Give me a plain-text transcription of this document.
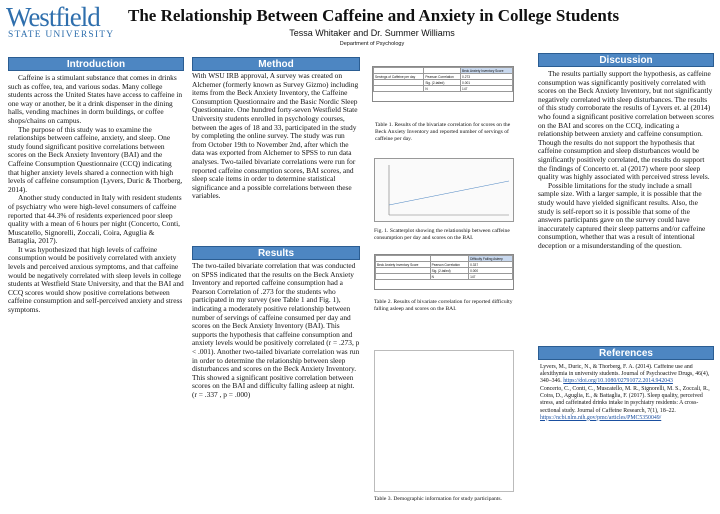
Westfield
STATE UNIVERSITY
The Relationship Between Caffeine and Anxiety in College Students
Tessa Whitaker and Dr. Summer Williams
Department of Psychology
Introduction

Caffeine is a stimulant substance that comes in drinks such as coffee, tea, and various sodas. Many college students across the United States have access to caffeine in one way or another, be it a drink dispenser in the dining halls, vending machines in dorm buildings, or coffee shops/chains on campus.

The purpose of this study was to examine the relationships between caffeine, anxiety, and sleep. One study found significant positive correlations between scores on the Beck Anxiety Inventory (BAI) and the Caffeine Consumption Questionnaire (CCQ) indicating that higher anxiety levels shared a connection with high levels of caffeine consumption (Lyvers, Duric & Thorberg, 2014).

Another study conducted in Italy with resident students of psychiatry who were high-level consumers of caffeine reported that 44.3% of residents experienced poor sleep quality with a mean of 6 hours per night (Concerto, Conti, Muscatello, Signorelli, Zoccali, Coira, Aguglia & Battaglia, 2017).

It was hypothesized that high levels of caffeine consumption would be positively correlated with anxiety levels and perceived anxious symptoms, and that caffeine would be negatively correlated with sleep levels in college students at Westfield State University, and that the BAI and CCQ scores would show positive correlations between caffeine consumption and self-perceived anxiety and stress symptoms.

Method

With WSU IRB approval, A survey was created on Alchemer (formerly known as Survey Gizmo) including items from the Beck Anxiety Inventory, the Caffeine Consumption Questionnaire and the Basic Nordic Sleep Questionnaire. One hundred forty-seven Westfield State University students enrolled in psychology courses, between the ages of 18 and 33, participated in the study by completing the online survey. The study was run from October 19th to November 2nd, after which the data was exported from Alchemer to SPSS to run data analyses. Two-tailed bivariate correlations were run for reported caffeine consumption scores, BAI scores, and sleep scale items in order to determine statistical significance and a possible correlations between these variables.

Results

The two-tailed bivariate correlation that was conducted on SPSS indicated that the results on the Beck Anxiety Inventory and reported caffeine consumption had a Pearson Correlation of .273 for the students who participated in my survey (see Table 1 and Fig. 1), indicating a moderately positive relationship between number of servings of caffeine consumed per day and scores on the Beck Anxiety Inventory (BAI). This supports the hypothesis that caffeine consumption and anxiety levels would be positively correlated (r = .273, p < .001). Another two-tailed bivariate correlation was run in order to determine the relationship between sleep disturbances and scores on the Beck Anxiety Inventory. This showed a significant positive correlation between scores on the BAI and difficulty falling asleep at night. (r = .337 , p = .000)

		Beck Anxiety Inventory Score
Servings of Caffeine per day	Pearson Correlation	0.273
	Sig. (2-tailed)	0.001
	N	147
Table 1. Results of the bivariate correlation for scores on the Beck Anxiety Inventory and reported number of servings of caffeine per day.
Fig. 1. Scatterplot showing the relationship between caffeine consumption per day and scores on the BAI.
		Difficulty Falling Asleep
Beck Anxiety Inventory Score	Pearson Correlation	0.337
	Sig. (2-tailed)	0.000
	N	147
Table 2. Results of bivariate correlation for reported difficulty falling asleep and scores on the BAI.
Table 3. Demographic information for study participants.
Discussion

The results partially support the hypothesis, as caffeine consumption was significantly positively correlated with scores on the Beck Anxiety Inventory, but not significantly negatively correlated with sleep disturbances. The results of this study corroborate the results of Lyvers et. al (2014) who found a significant positive correlation between scores on the BAI and scores on the CCQ, indicating a relationship between anxiety and caffeine consumption. Though the results do not support the hypothesis that caffeine consumption and sleep disturbances would be significantly positively correlated, the results do support the findings of Concerto et. al (2017) where poor sleep quality was highly associated with perceived stress levels.

Possible limitations for the study include a small sample size. With a larger sample, it is possible that the study would have yielded significant results. Also, the study is self-report so it is possible that some of the answers participants gave on the survey could have inaccurately captured their sleep patterns and/or caffeine consumption, whether that was a result of intentional deception or a misunderstanding of the question.

References

Lyvers, M., Duric, N., & Thorberg, F. A. (2014). Caffeine use and alexithymia in university students. Journal of Psychoactive Drugs, 46(4), 340–346. https://doi.org/10.1080/02791072.2014.942043

Concerto, C., Conti, C., Muscatello, M. R., Signorelli, M. S., Zoccali, R., Coira, D., Aguglia, E., & Battaglia, F. (2017). Sleep quality, perceived stress, and caffeinated drinks intake in psychiatry residents: A cross-sectional study. Journal of Caffeine Research, 7(1), 18–22. https://ncbi.nlm.nih.gov/pmc/articles/PMC5350049/
